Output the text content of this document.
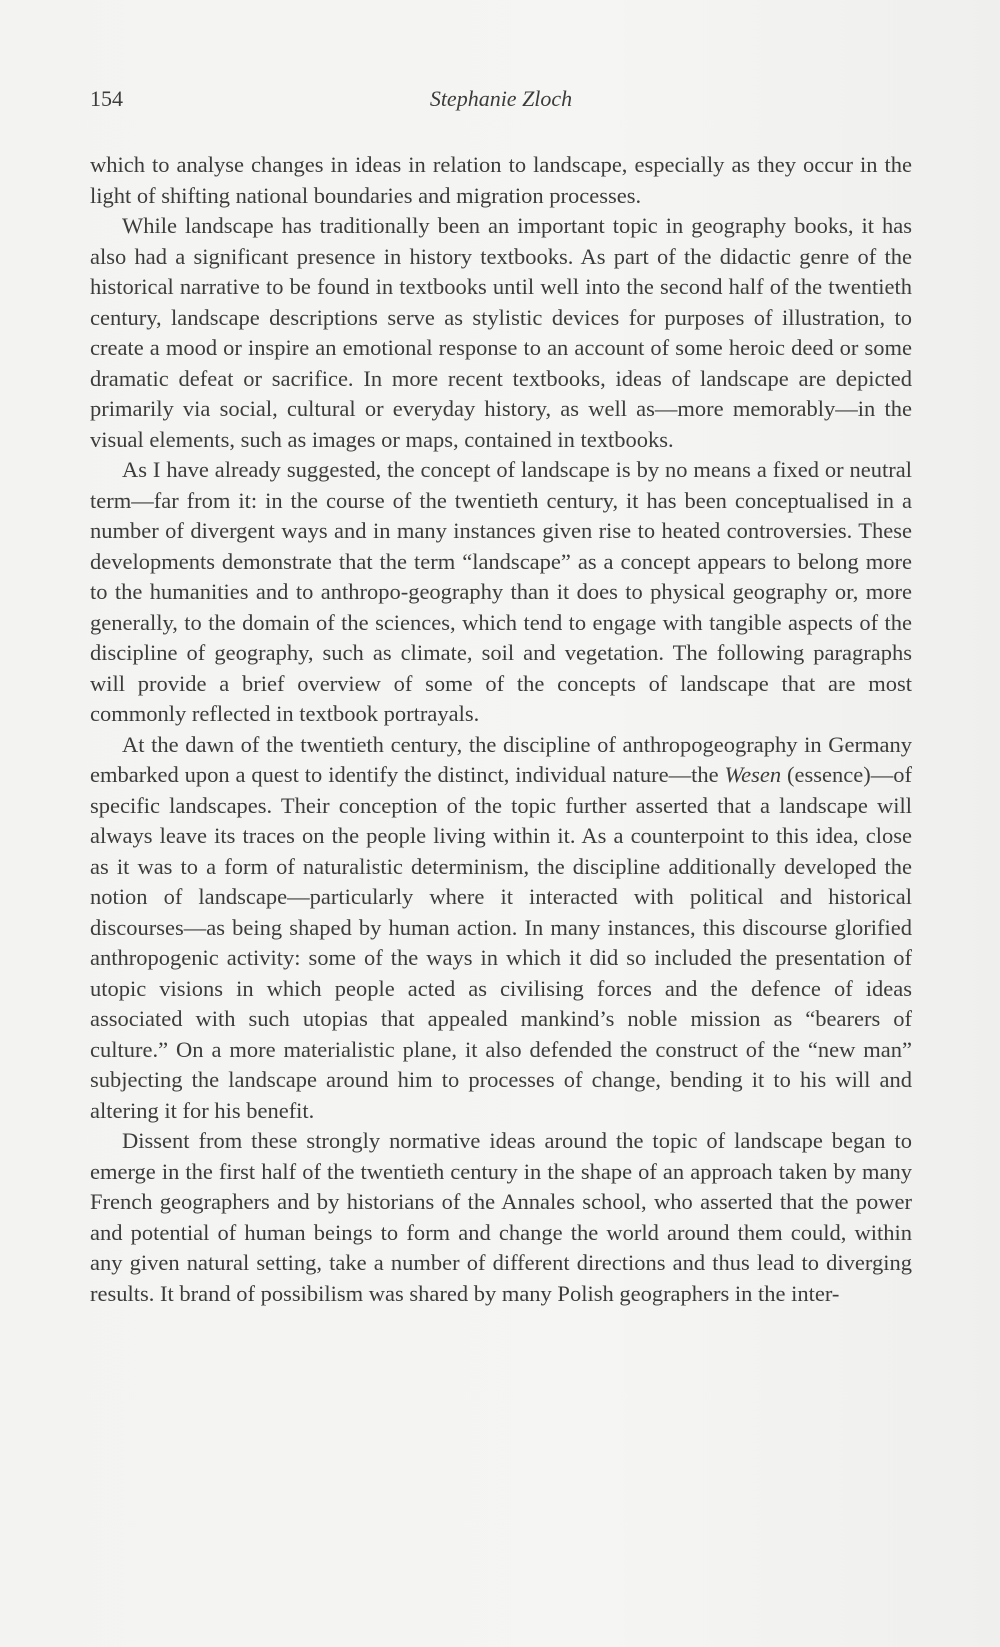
154	Stephanie Zloch

which to analyse changes in ideas in relation to landscape, especially as they occur in the light of shifting national boundaries and migration processes.

While landscape has traditionally been an important topic in geography books, it has also had a significant presence in history textbooks. As part of the didactic genre of the historical narrative to be found in textbooks until well into the second half of the twentieth century, landscape descriptions serve as stylistic devices for purposes of illustration, to create a mood or inspire an emotional response to an account of some heroic deed or some dramatic defeat or sacrifice. In more recent textbooks, ideas of landscape are depicted primarily via social, cultural or everyday history, as well as—more memorably—in the visual elements, such as images or maps, contained in textbooks.

As I have already suggested, the concept of landscape is by no means a fixed or neutral term—far from it: in the course of the twentieth century, it has been conceptualised in a number of divergent ways and in many instances given rise to heated controversies. These developments demonstrate that the term “landscape” as a concept appears to belong more to the humanities and to anthropo-geography than it does to physical geography or, more generally, to the domain of the sciences, which tend to engage with tangible aspects of the discipline of geography, such as climate, soil and vegetation. The following paragraphs will provide a brief overview of some of the concepts of landscape that are most commonly reflected in textbook portrayals.

At the dawn of the twentieth century, the discipline of anthropogeography in Germany embarked upon a quest to identify the distinct, individual nature—the Wesen (essence)—of specific landscapes. Their conception of the topic further asserted that a landscape will always leave its traces on the people living within it. As a counterpoint to this idea, close as it was to a form of naturalistic determinism, the discipline additionally developed the notion of landscape—particularly where it interacted with political and historical discourses—as being shaped by human action. In many instances, this discourse glorified anthropogenic activity: some of the ways in which it did so included the presentation of utopic visions in which people acted as civilising forces and the defence of ideas associated with such utopias that appealed mankind’s noble mission as “bearers of culture.” On a more materialistic plane, it also defended the construct of the “new man” subjecting the landscape around him to processes of change, bending it to his will and altering it for his benefit.

Dissent from these strongly normative ideas around the topic of landscape began to emerge in the first half of the twentieth century in the shape of an approach taken by many French geographers and by historians of the Annales school, who asserted that the power and potential of human beings to form and change the world around them could, within any given natural setting, take a number of different directions and thus lead to diverging results. It brand of possibilism was shared by many Polish geographers in the inter-
